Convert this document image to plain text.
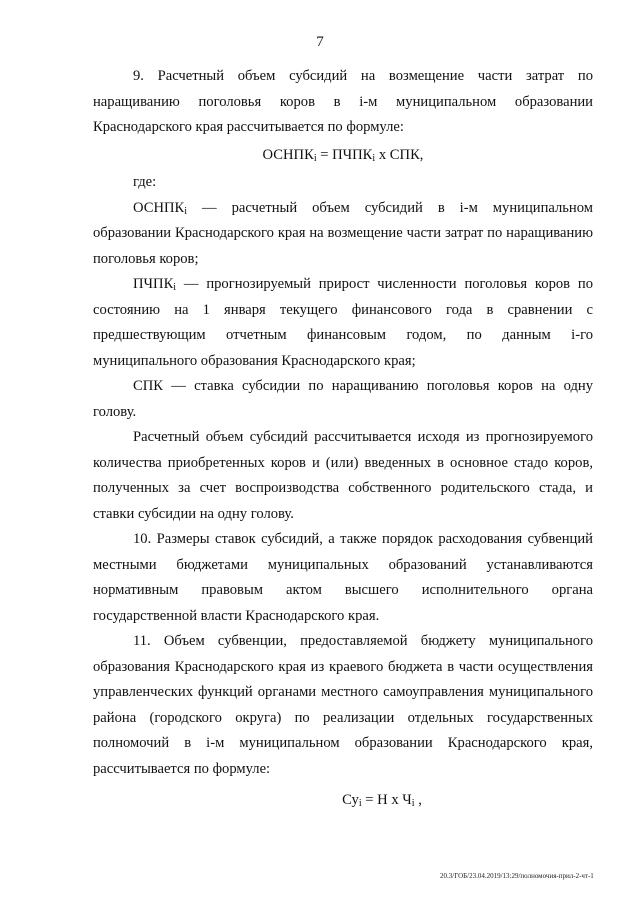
7

9. Расчетный объем субсидий на возмещение части затрат по наращиванию поголовья коров в i-м муниципальном образовании Краснодарского края рассчитывается по формуле:

$ОСНПК_i$ = $ПЧПК_i$ х СПК,

где:

$ОСНПК_i$ — расчетный объем субсидий в i-м муниципальном образовании Краснодарского края на возмещение части затрат по наращиванию поголовья коров;

$ПЧПК_i$ — прогнозируемый прирост численности поголовья коров по состоянию на 1 января текущего финансового года в сравнении с предшествующим отчетным финансовым годом, по данным i-го муниципального образования Краснодарского края;

СПК — ставка субсидии по наращиванию поголовья коров на одну голову.

Расчетный объем субсидий рассчитывается исходя из прогнозируемого количества приобретенных коров и (или) введенных в основное стадо коров, полученных за счет воспроизводства собственного родительского стада, и ставки субсидии на одну голову.

10. Размеры ставок субсидий, а также порядок расходования субвенций местными бюджетами муниципальных образований устанавливаются нормативным правовым актом высшего исполнительного органа государственной власти Краснодарского края.

11. Объем субвенции, предоставляемой бюджету муниципального образования Краснодарского края из краевого бюджета в части осуществления управленческих функций органами местного самоуправления муниципального района (городского округа) по реализации отдельных государственных полномочий в i-м муниципальном образовании Краснодарского края, рассчитывается по формуле:

$Су_i = Н$ х $Ч_i$ ,

20.3/ГОБ/23.04.2019/13:29/полномочия-прил-2-чт-1
